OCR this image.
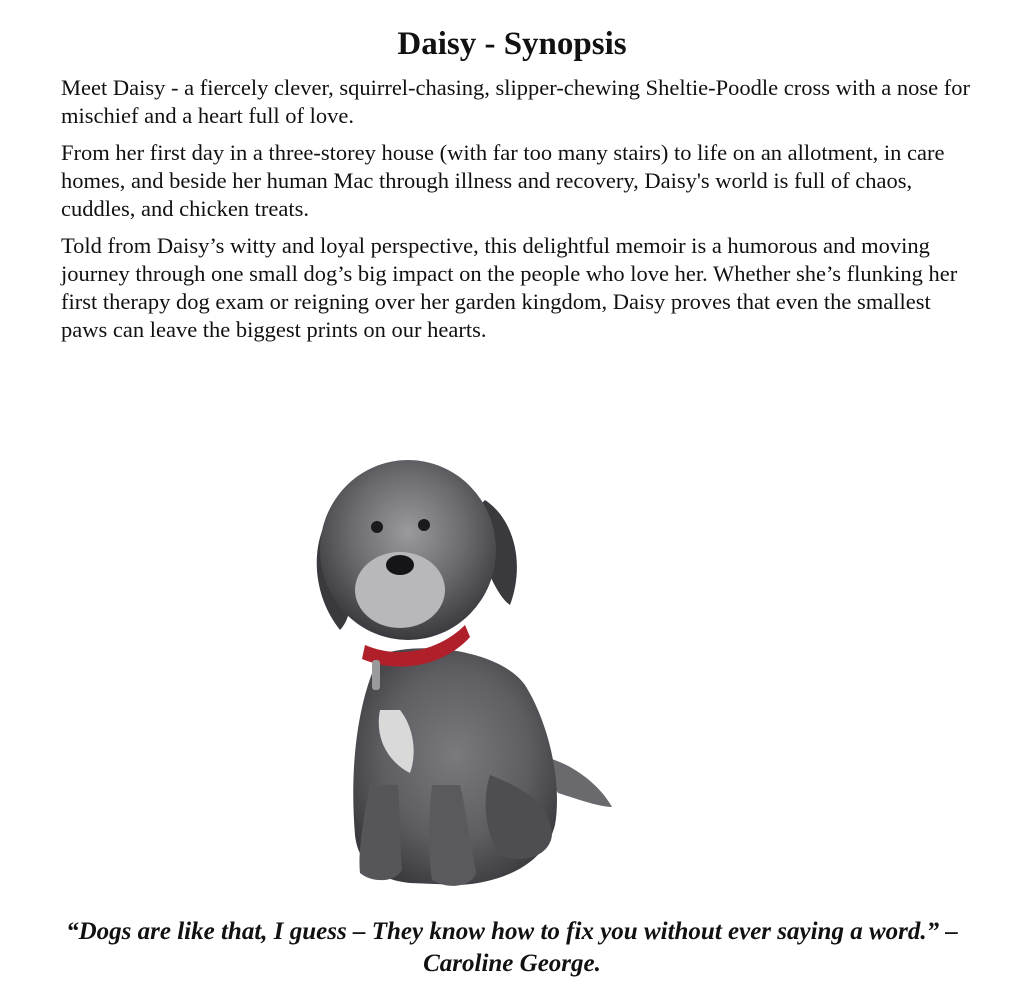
Daisy - Synopsis

Meet Daisy - a fiercely clever, squirrel-chasing, slipper-chewing Sheltie-Poodle cross with a nose for mischief and a heart full of love.

From her first day in a three-storey house (with far too many stairs) to life on an allotment, in care homes, and beside her human Mac through illness and recovery, Daisy's world is full of chaos, cuddles, and chicken treats.

Told from Daisy’s witty and loyal perspective, this delightful memoir is a humorous and moving journey through one small dog’s big impact on the people who love her. Whether she’s flunking her first therapy dog exam or reigning over her garden kingdom, Daisy proves that even the smallest paws can leave the biggest prints on our hearts.

“Dogs are like that, I guess – They know how to fix you without ever saying a word.” – Caroline George.
